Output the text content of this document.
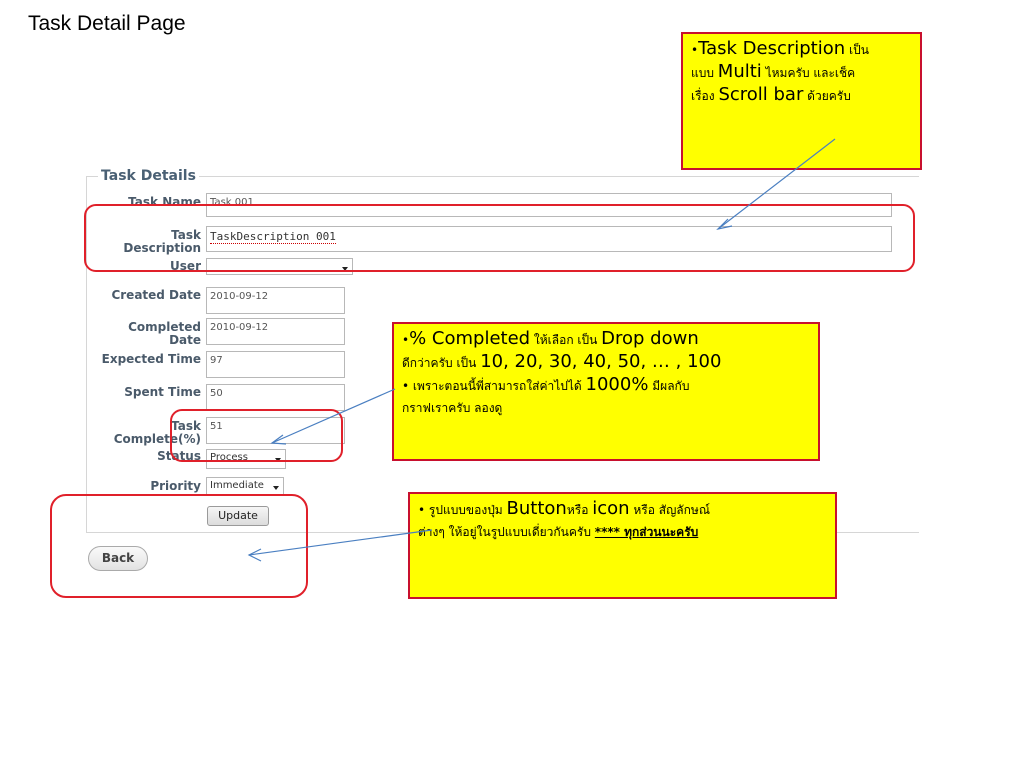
Task Detail Page
Task Details
Task Name Task 001
Task
Description
TaskDescription 001
User
Created Date 2010-09-12
Completed
Date
2010-09-12
Expected Time 97
Spent Time 50
Task
Complete(%)
51
Status Process
Priority Immediate
Update
Back
•Task Description เป็น
แบบ Multi ไหมครับ และเช็ค
เรื่อง Scroll bar ด้วยครับ
•% Completed ให้เลือก เป็น Drop down
ดีกว่าครับ เป็น 10, 20, 30, 40, 50, … , 100
• เพราะตอนนี้พี่สามารถใส่ค่าไปได้ 1000% มีผลกับ
กราฟเราครับ ลองดู
• รูปแบบของปุ่ม Buttonหรือ icon หรือ สัญลักษณ์
ต่างๆ ให้อยู่ในรูปแบบเดี่ยวกันครับ **** ทุกส่วนนะครับ
